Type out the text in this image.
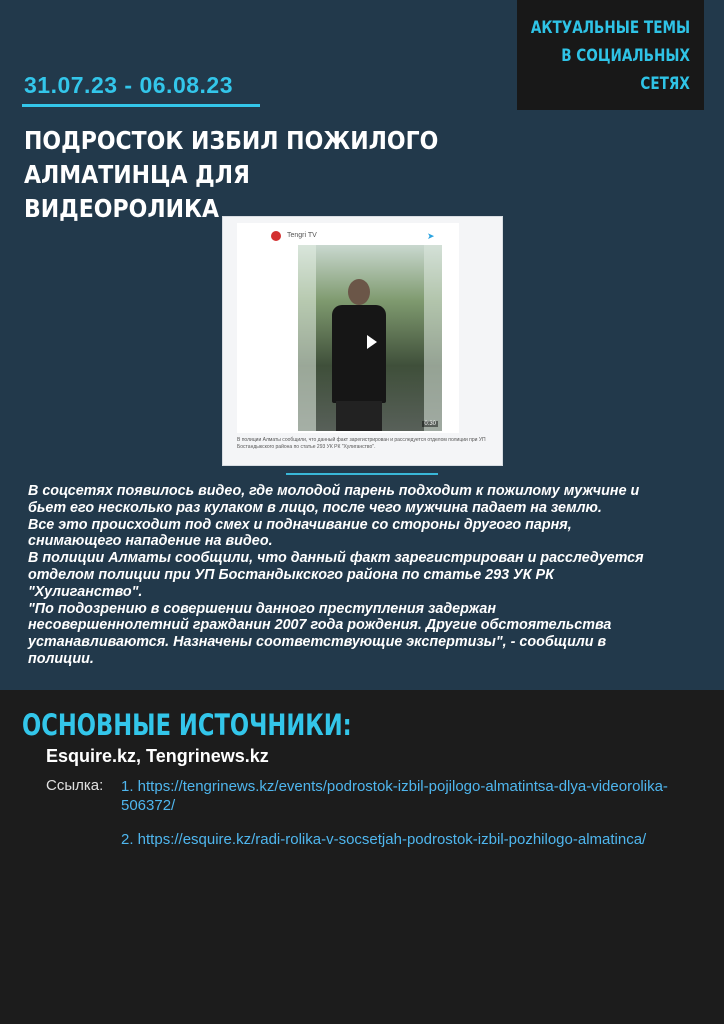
АКТУАЛЬНЫЕ ТЕМЫ
В СОЦИАЛЬНЫХ
СЕТЯХ
31.07.23 - 06.08.23
ПОДРОСТОК ИЗБИЛ ПОЖИЛОГО АЛМАТИНЦА ДЛЯ
ВИДЕОРОЛИКА
Tengri TV	➤
0:30
В полиции Алматы сообщили, что данный факт зарегистрирован и расследуется отделом полиции при УП Бостандыкского района по статье 293 УК РК "Хулиганство".
В соцсетях появилось видео, где молодой парень подходит к пожилому мужчине и
бьет его несколько раз кулаком в лицо, после чего мужчина падает на землю.
Все это происходит под смех и подначивание со стороны другого парня,
снимающего нападение на видео.
В полиции Алматы сообщили, что данный факт зарегистрирован и расследуется
отделом полиции при УП Бостандыкского района по статье 293 УК РК
"Хулиганство".
"По подозрению в совершении данного преступления задержан
несовершеннолетний гражданин 2007 года рождения. Другие обстоятельства
устанавливаются. Назначены соответствующие экспертизы", - сообщили в
полиции.
ОСНОВНЫЕ ИСТОЧНИКИ:
Esquire.kz, Tengrinews.kz
Ссылка: 1. https://tengrinews.kz/events/podrostok-izbil-pojilogo-almatintsa-dlya-videorolika-506372/
2. https://esquire.kz/radi-rolika-v-socsetjah-podrostok-izbil-pozhilogo-almatinca/
